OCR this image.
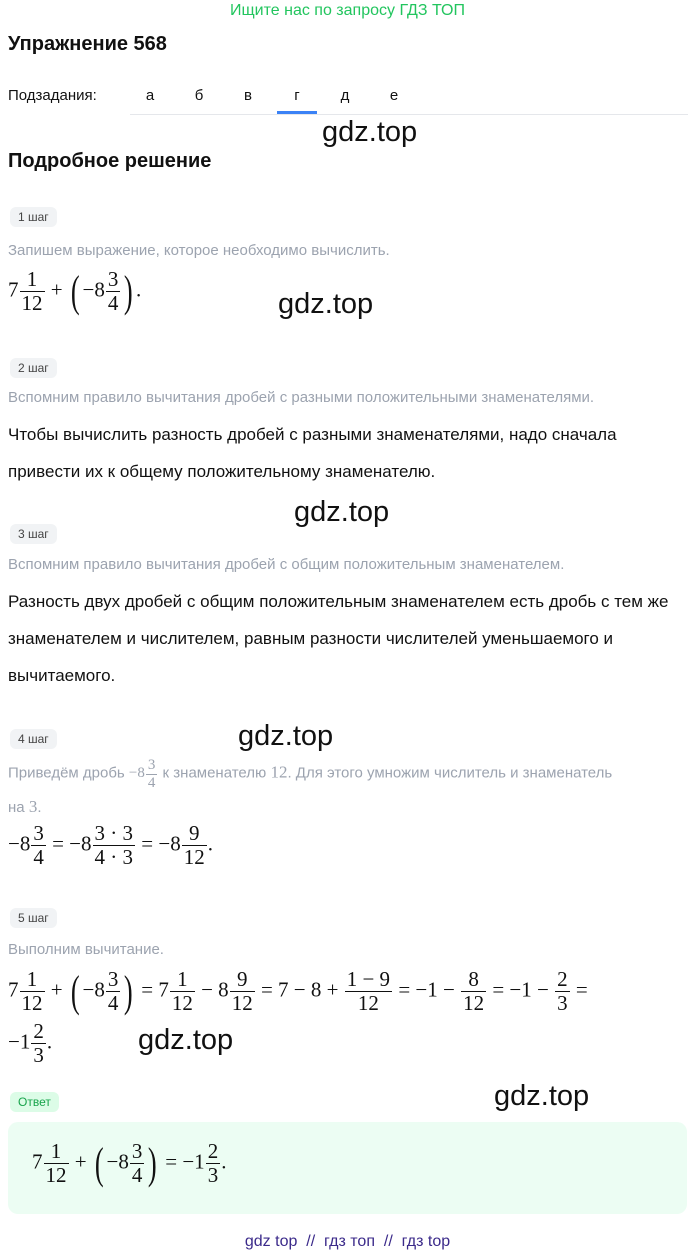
Ищите нас по запросу ГДЗ ТОП
Упражнение 568
Подзадания:	а	б	в	г	д	е
gdz.top
Подробное решение
1 шаг
Запишем выражение, которое необходимо вычислить.
$7 \frac{1}{12}$ + ( $-8 \frac{3}{4}$ ) .	gdz.top
2 шаг
Вспомним правило вычитания дробей с разными положительными знаменателями.
Чтобы вычислить разность дробей с разными знаменателями, надо сначала привести их к общему положительному знаменателю.
gdz.top
3 шаг
Вспомним правило вычитания дробей с общим положительным знаменателем.
Разность двух дробей с общим положительным знаменателем есть дробь с тем же знаменателем и числителем, равным разности числителей уменьшаемого и вычитаемого.
4 шаг	gdz.top
Приведём дробь $-8 \frac{3}{4}$ к знаменателю 12. Для этого умножим числитель и знаменатель
на 3.
$-8 \frac{3}{4} = -8 \frac{3 \cdot 3}{4 \cdot 3} = -8 \frac{9}{12}$ .
5 шаг
Выполним вычитание.
$7 \frac{1}{12}$ + ( $-8 \frac{3}{4}$ ) = $7 \frac{1}{12} - 8 \frac{9}{12} = 7 - 8 + \frac{1 - 9}{12} = -1 - \frac{8}{12} = -1 - \frac{2}{3}$ =
$-1 \frac{2}{3}$ .	gdz.top
Ответ	gdz.top
$7 \frac{1}{12}$ + ( $-8 \frac{3}{4}$ ) = $-1 \frac{2}{3}$ .
gdz top  //  гдз топ  //  гдз top
